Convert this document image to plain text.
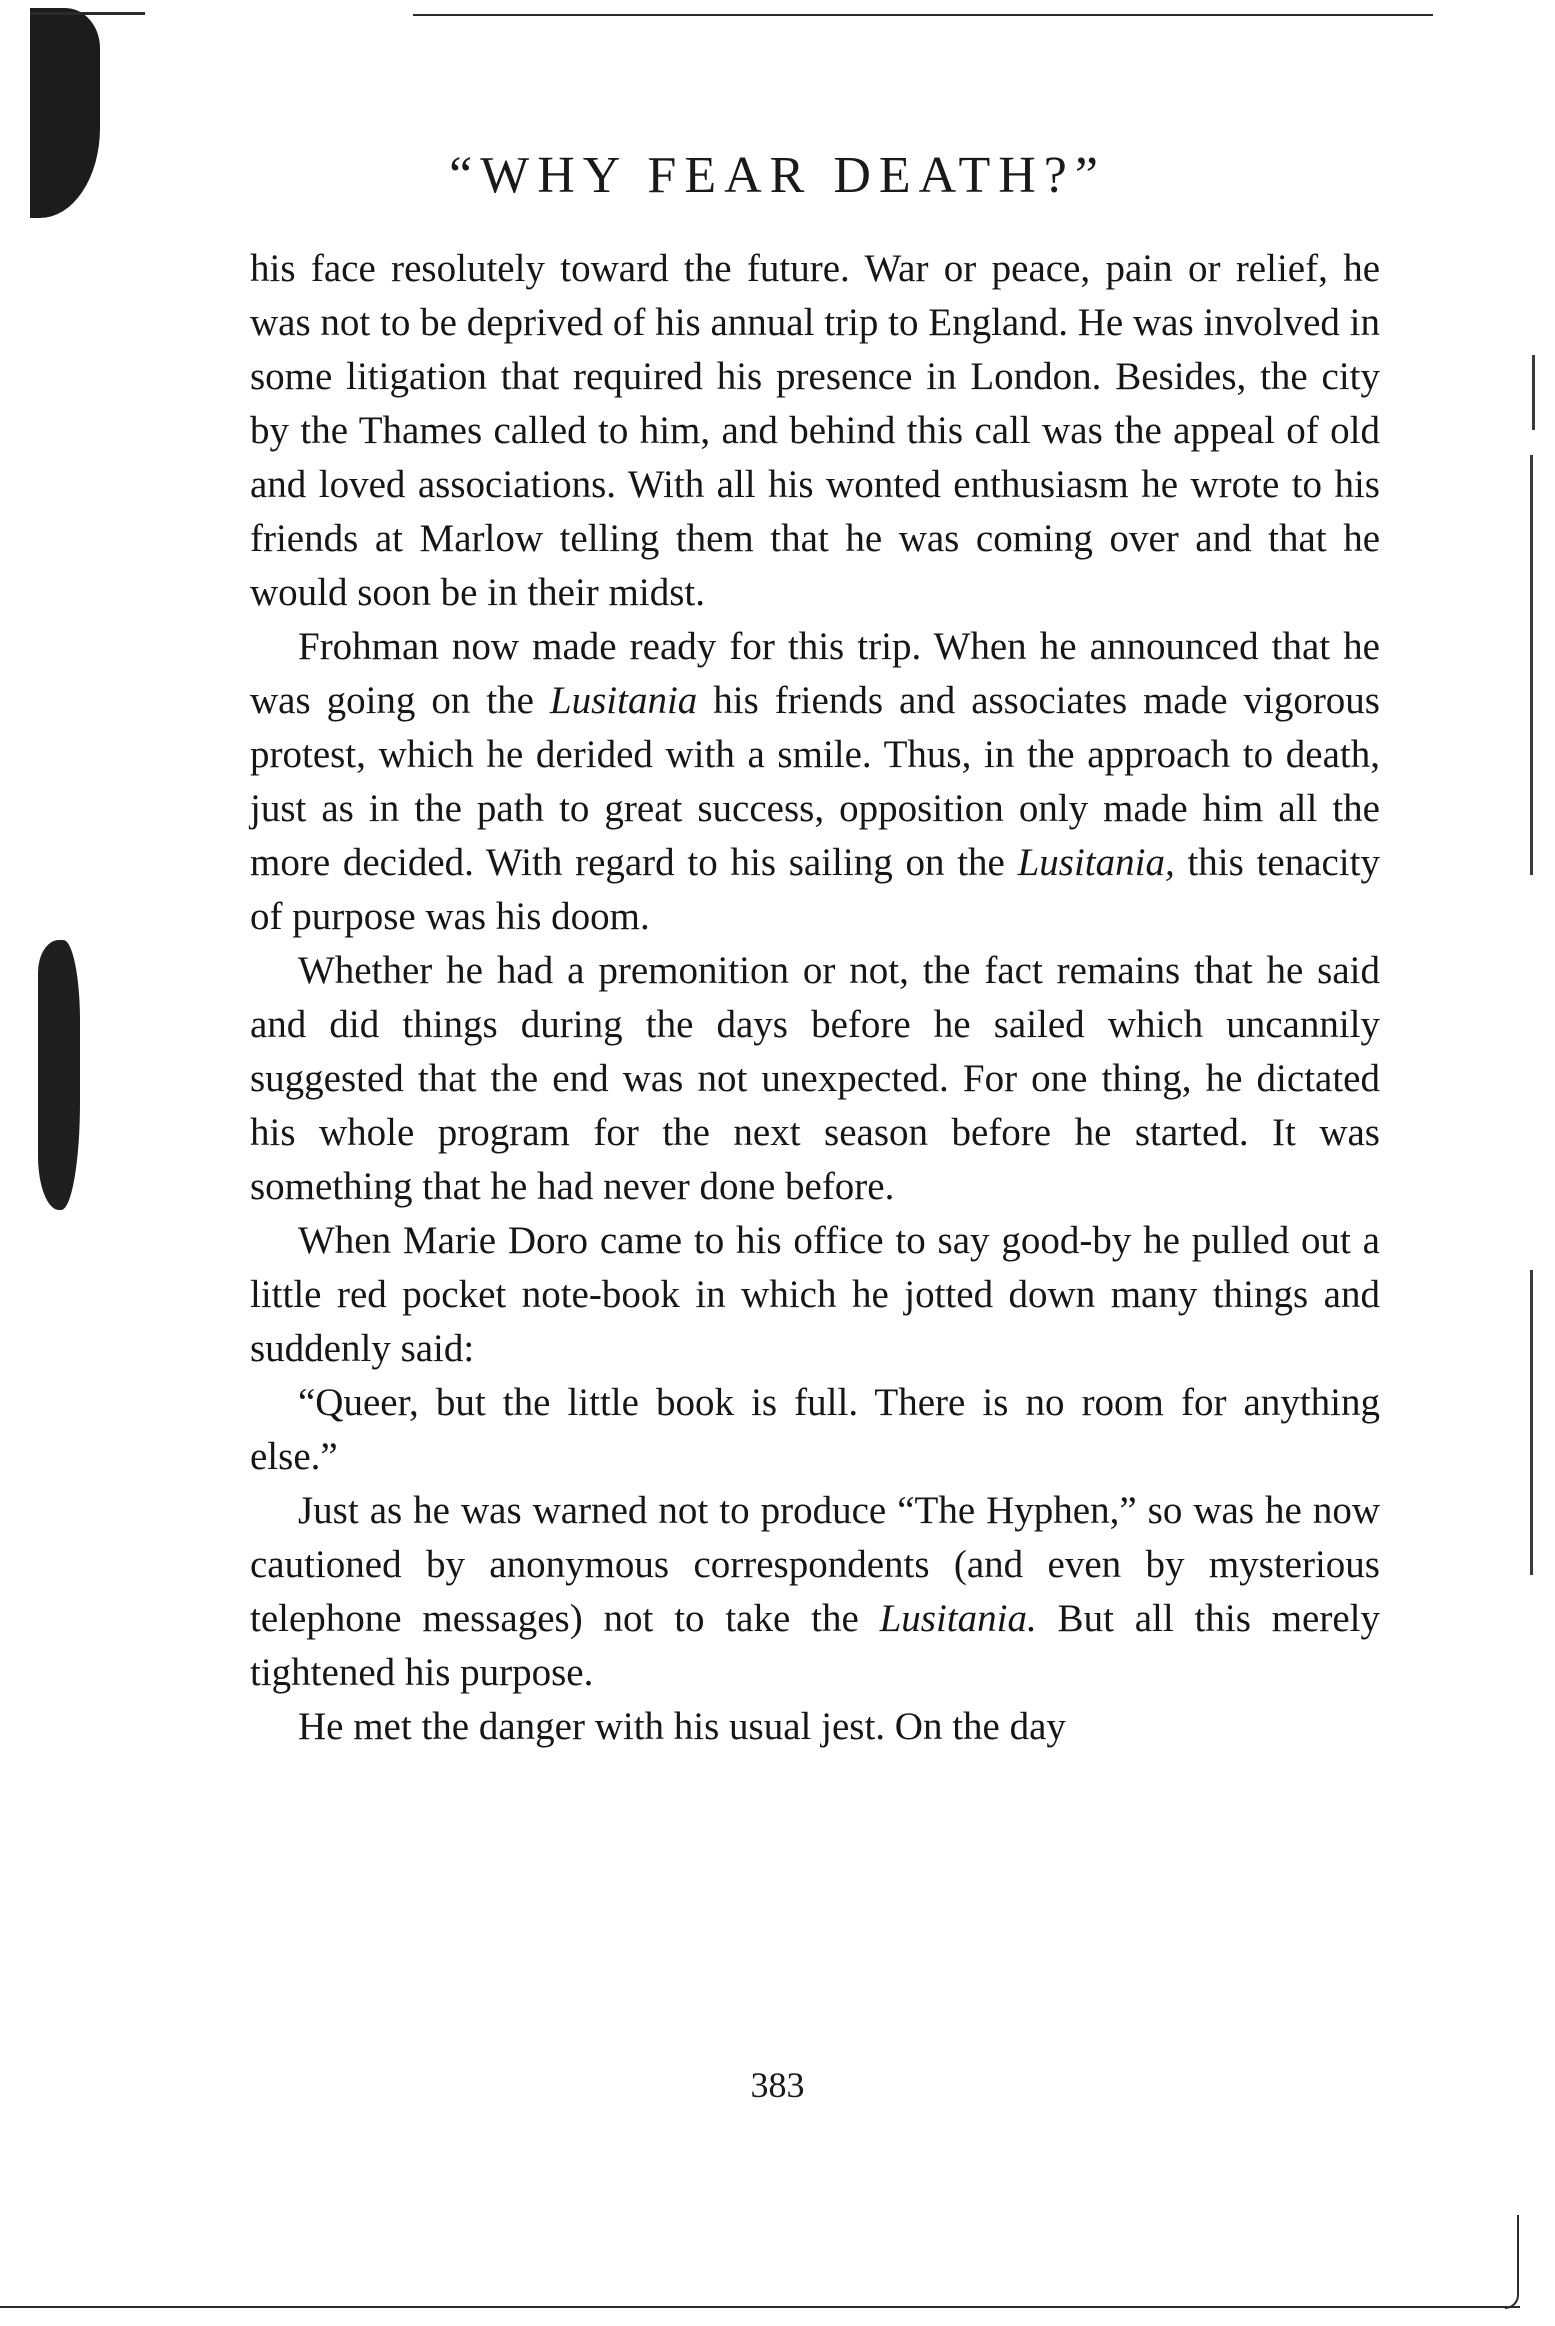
“WHY FEAR DEATH?”

his face resolutely toward the future. War or peace, pain or relief, he was not to be deprived of his annual trip to England. He was involved in some litigation that required his presence in London. Besides, the city by the Thames called to him, and behind this call was the appeal of old and loved associations. With all his wonted enthusiasm he wrote to his friends at Marlow telling them that he was coming over and that he would soon be in their midst.

Frohman now made ready for this trip. When he announced that he was going on the Lusitania his friends and associates made vigorous protest, which he derided with a smile. Thus, in the approach to death, just as in the path to great success, opposition only made him all the more decided. With regard to his sailing on the Lusitania, this tenacity of purpose was his doom.

Whether he had a premonition or not, the fact remains that he said and did things during the days before he sailed which uncannily suggested that the end was not unexpected. For one thing, he dictated his whole program for the next season before he started. It was something that he had never done before.

When Marie Doro came to his office to say good-by he pulled out a little red pocket note-book in which he jotted down many things and suddenly said:

“Queer, but the little book is full. There is no room for anything else.”

Just as he was warned not to produce “The Hyphen,” so was he now cautioned by anonymous correspondents (and even by mysterious telephone messages) not to take the Lusitania. But all this merely tightened his purpose.

He met the danger with his usual jest. On the day

383
